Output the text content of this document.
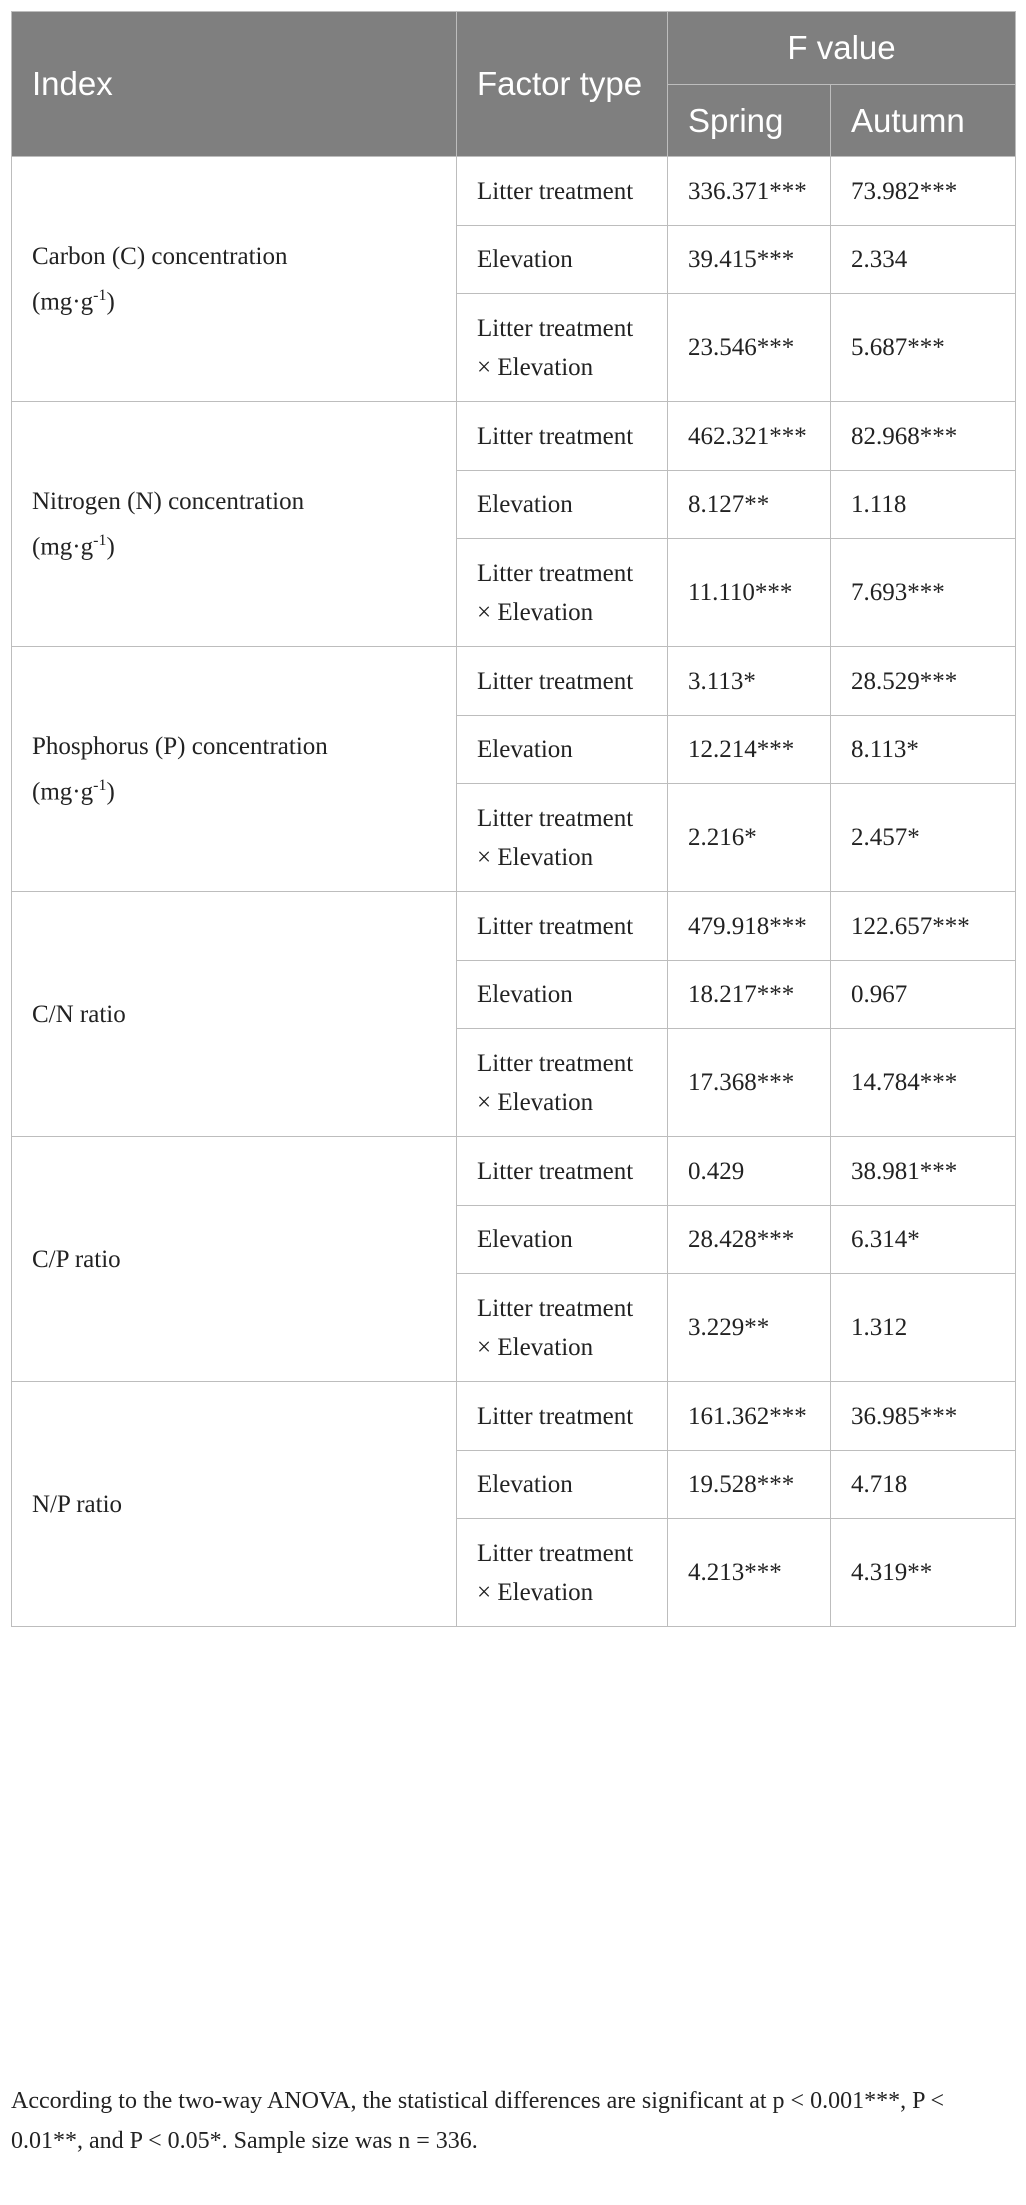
Index	Factor type	F value	
		Spring	Autumn
Carbon (C) concentration
$(mg\cdot g^{-1})$	Litter treatment	336.371***	73.982***
	Elevation	39.415***	2.334
	Litter treatment × Elevation	23.546***	5.687***
Nitrogen (N) concentration
$(mg\cdot g^{-1})$	Litter treatment	462.321***	82.968***
	Elevation	8.127**	1.118
	Litter treatment × Elevation	11.110***	7.693***
Phosphorus (P) concentration
$(mg\cdot g^{-1})$	Litter treatment	3.113*	28.529***
	Elevation	12.214***	8.113*
	Litter treatment × Elevation	2.216*	2.457*
C/N ratio	Litter treatment	479.918***	122.657***
	Elevation	18.217***	0.967
	Litter treatment × Elevation	17.368***	14.784***
C/P ratio	Litter treatment	0.429	38.981***
	Elevation	28.428***	6.314*
	Litter treatment × Elevation	3.229**	1.312
N/P ratio	Litter treatment	161.362***	36.985***
	Elevation	19.528***	4.718
	Litter treatment × Elevation	4.213***	4.319**
According to the two-way ANOVA, the statistical differences are significant at p < 0.001***, P < 0.01**, and P < 0.05*. Sample size was n = 336.
